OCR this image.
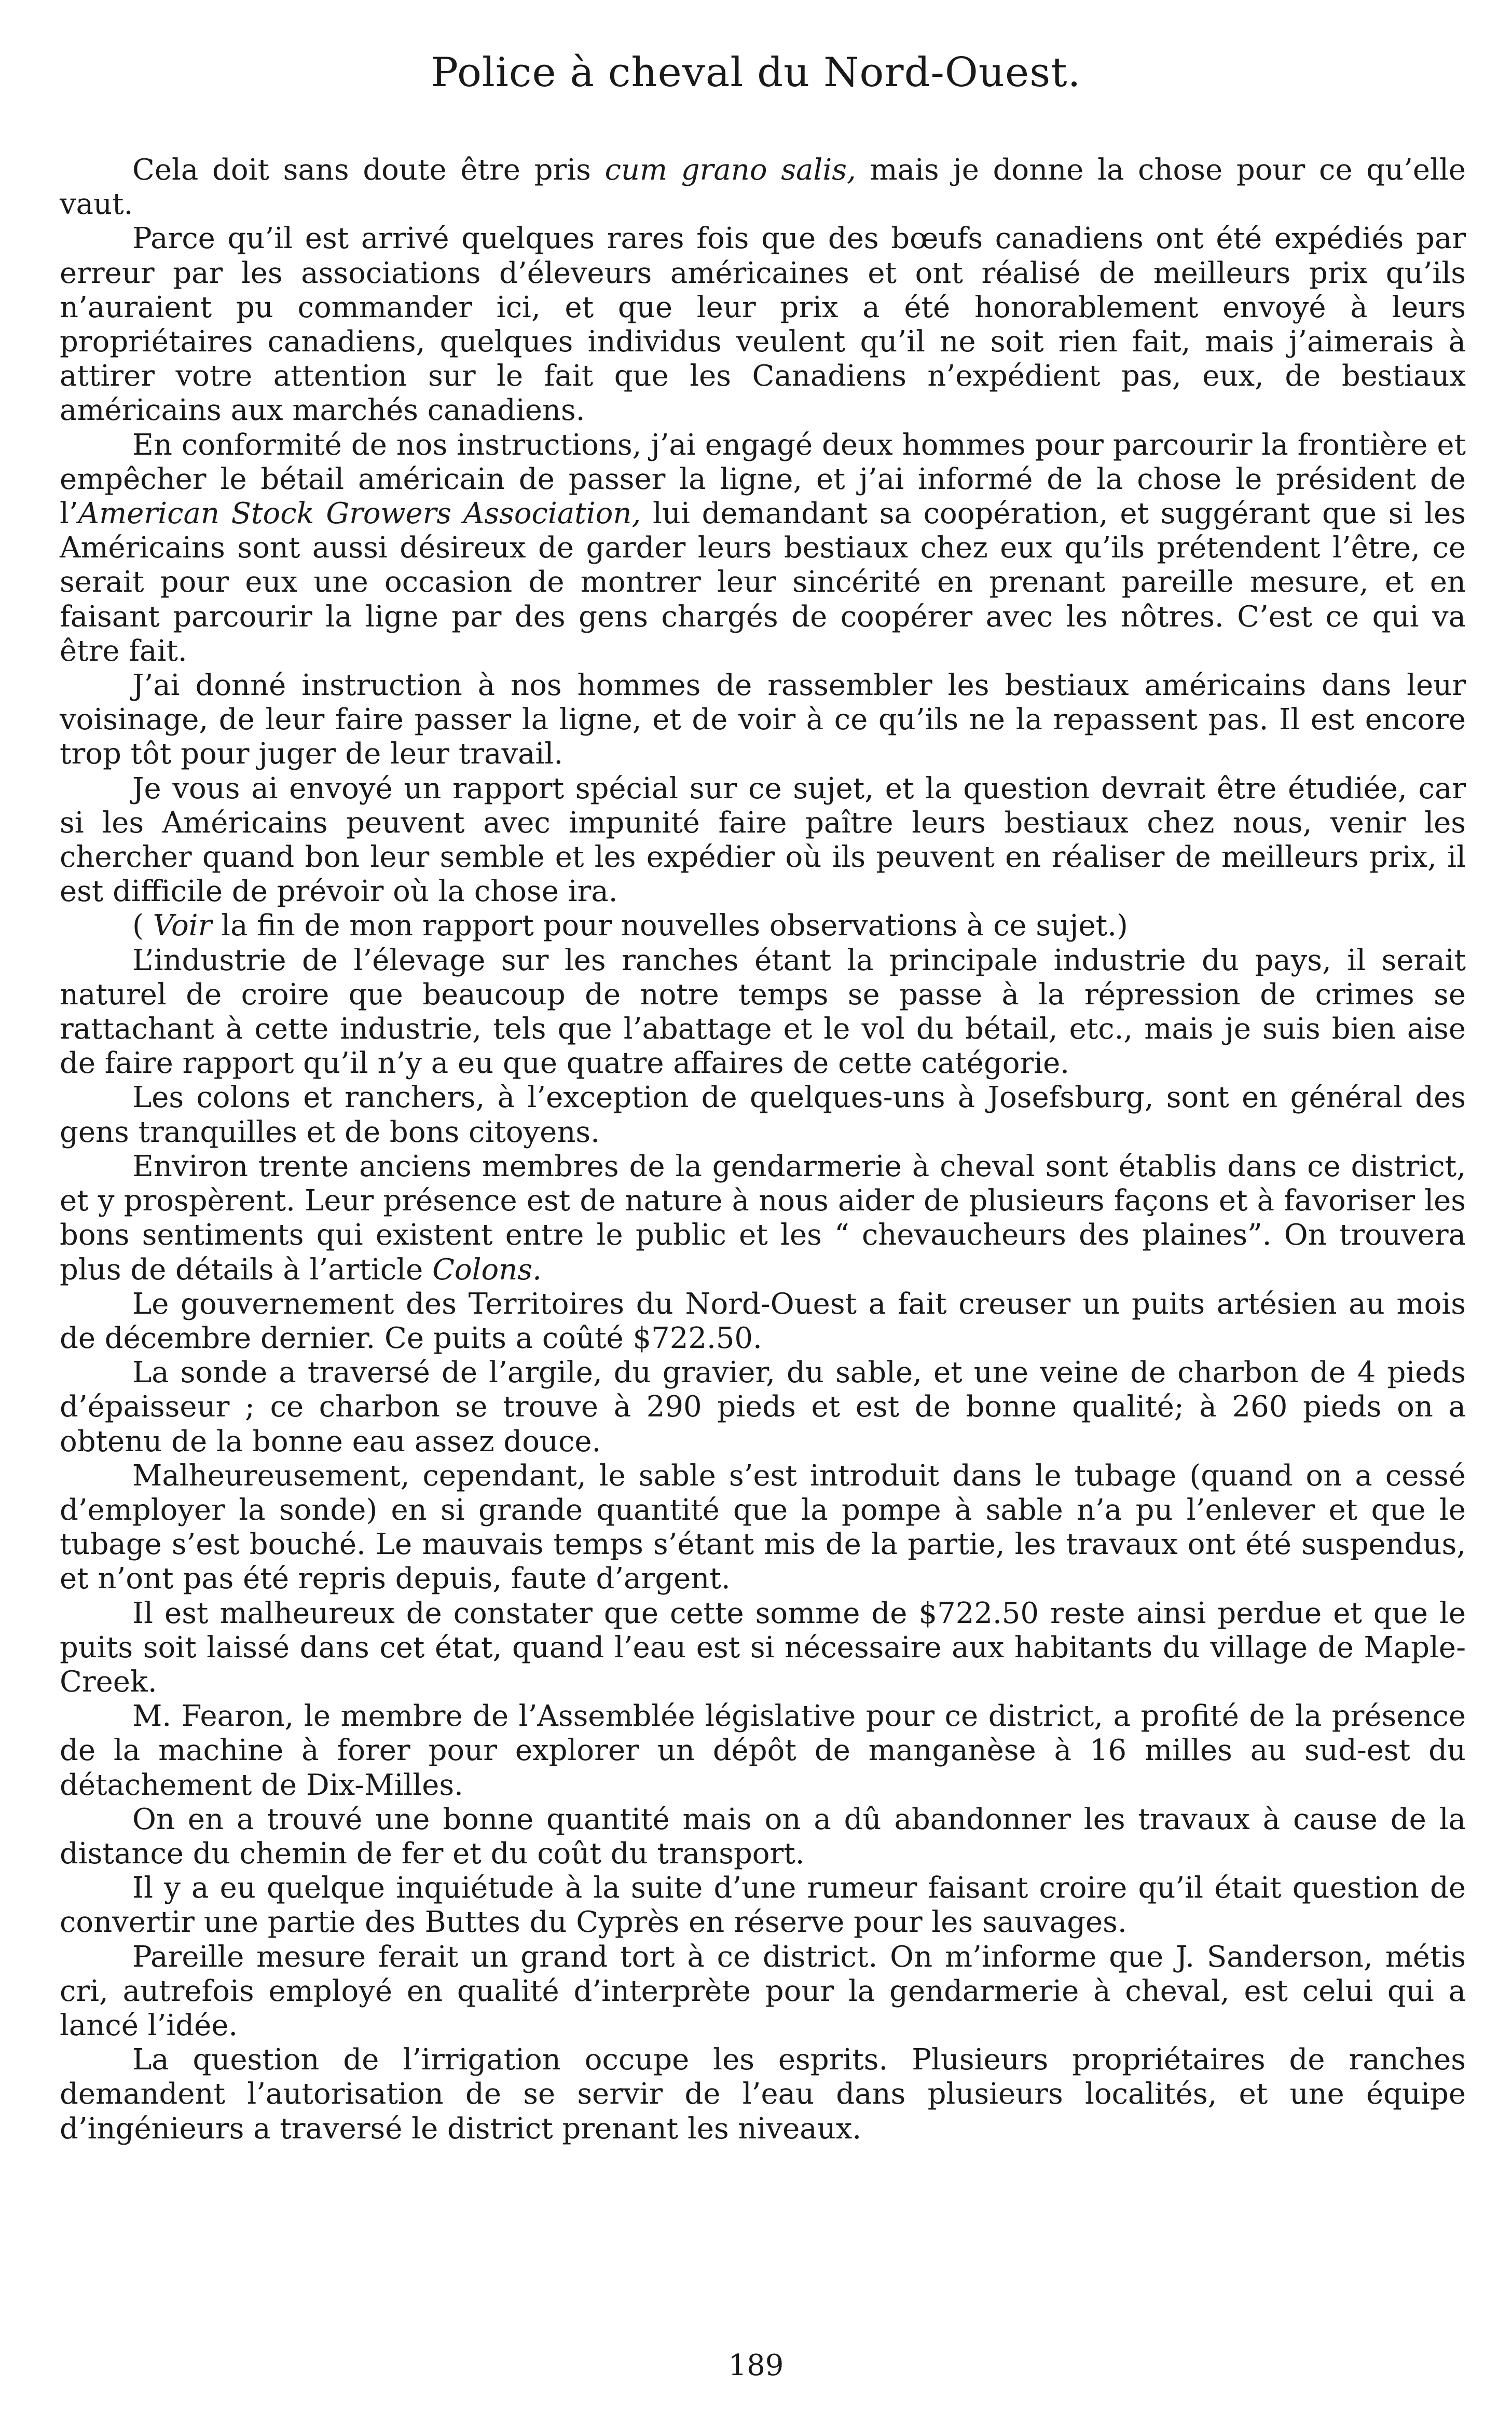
Police à cheval du Nord-Ouest.

Cela doit sans doute être pris cum grano salis, mais je donne la chose pour ce qu’elle vaut.

Parce qu’il est arrivé quelques rares fois que des bœufs canadiens ont été expédiés par erreur par les associations d’éleveurs américaines et ont réalisé de meilleurs prix qu’ils n’auraient pu commander ici, et que leur prix a été honorablement envoyé à leurs propriétaires canadiens, quelques individus veulent qu’il ne soit rien fait, mais j’aimerais à attirer votre attention sur le fait que les Canadiens n’expédient pas, eux, de bestiaux américains aux marchés canadiens.

En conformité de nos instructions, j’ai engagé deux hommes pour parcourir la frontière et empêcher le bétail américain de passer la ligne, et j’ai informé de la chose le président de l’American Stock Growers Association, lui demandant sa coopération, et suggérant que si les Américains sont aussi désireux de garder leurs bestiaux chez eux qu’ils prétendent l’être, ce serait pour eux une occasion de montrer leur sincérité en prenant pareille mesure, et en faisant parcourir la ligne par des gens chargés de coopérer avec les nôtres. C’est ce qui va être fait.

J’ai donné instruction à nos hommes de rassembler les bestiaux américains dans leur voisinage, de leur faire passer la ligne, et de voir à ce qu’ils ne la repassent pas. Il est encore trop tôt pour juger de leur travail.

Je vous ai envoyé un rapport spécial sur ce sujet, et la question devrait être étudiée, car si les Américains peuvent avec impunité faire paître leurs bestiaux chez nous, venir les chercher quand bon leur semble et les expédier où ils peuvent en réaliser de meilleurs prix, il est difficile de prévoir où la chose ira.

( Voir la fin de mon rapport pour nouvelles observations à ce sujet.)

L’industrie de l’élevage sur les ranches étant la principale industrie du pays, il serait naturel de croire que beaucoup de notre temps se passe à la répression de crimes se rattachant à cette industrie, tels que l’abattage et le vol du bétail, etc., mais je suis bien aise de faire rapport qu’il n’y a eu que quatre affaires de cette catégorie.

Les colons et ranchers, à l’exception de quelques-uns à Josefsburg, sont en général des gens tranquilles et de bons citoyens.

Environ trente anciens membres de la gendarmerie à cheval sont établis dans ce district, et y prospèrent. Leur présence est de nature à nous aider de plusieurs façons et à favoriser les bons sentiments qui existent entre le public et les “ chevaucheurs des plaines”. On trouvera plus de détails à l’article Colons.

Le gouvernement des Territoires du Nord-Ouest a fait creuser un puits artésien au mois de décembre dernier. Ce puits a coûté $722.50.

La sonde a traversé de l’argile, du gravier, du sable, et une veine de charbon de 4 pieds d’épaisseur ; ce charbon se trouve à 290 pieds et est de bonne qualité; à 260 pieds on a obtenu de la bonne eau assez douce.

Malheureusement, cependant, le sable s’est introduit dans le tubage (quand on a cessé d’employer la sonde) en si grande quantité que la pompe à sable n’a pu l’enlever et que le tubage s’est bouché. Le mauvais temps s’étant mis de la partie, les travaux ont été suspendus, et n’ont pas été repris depuis, faute d’argent.

Il est malheureux de constater que cette somme de $722.50 reste ainsi perdue et que le puits soit laissé dans cet état, quand l’eau est si nécessaire aux habitants du village de Maple-Creek.

M. Fearon, le membre de l’Assemblée législative pour ce district, a profité de la présence de la machine à forer pour explorer un dépôt de manganèse à 16 milles au sud-est du détachement de Dix-Milles.

On en a trouvé une bonne quantité mais on a dû abandonner les travaux à cause de la distance du chemin de fer et du coût du transport.

Il y a eu quelque inquiétude à la suite d’une rumeur faisant croire qu’il était question de convertir une partie des Buttes du Cyprès en réserve pour les sauvages.

Pareille mesure ferait un grand tort à ce district. On m’informe que J. Sanderson, métis cri, autrefois employé en qualité d’interprète pour la gendarmerie à cheval, est celui qui a lancé l’idée.

La question de l’irrigation occupe les esprits. Plusieurs propriétaires de ranches demandent l’autorisation de se servir de l’eau dans plusieurs localités, et une équipe d’ingénieurs a traversé le district prenant les niveaux.

189
